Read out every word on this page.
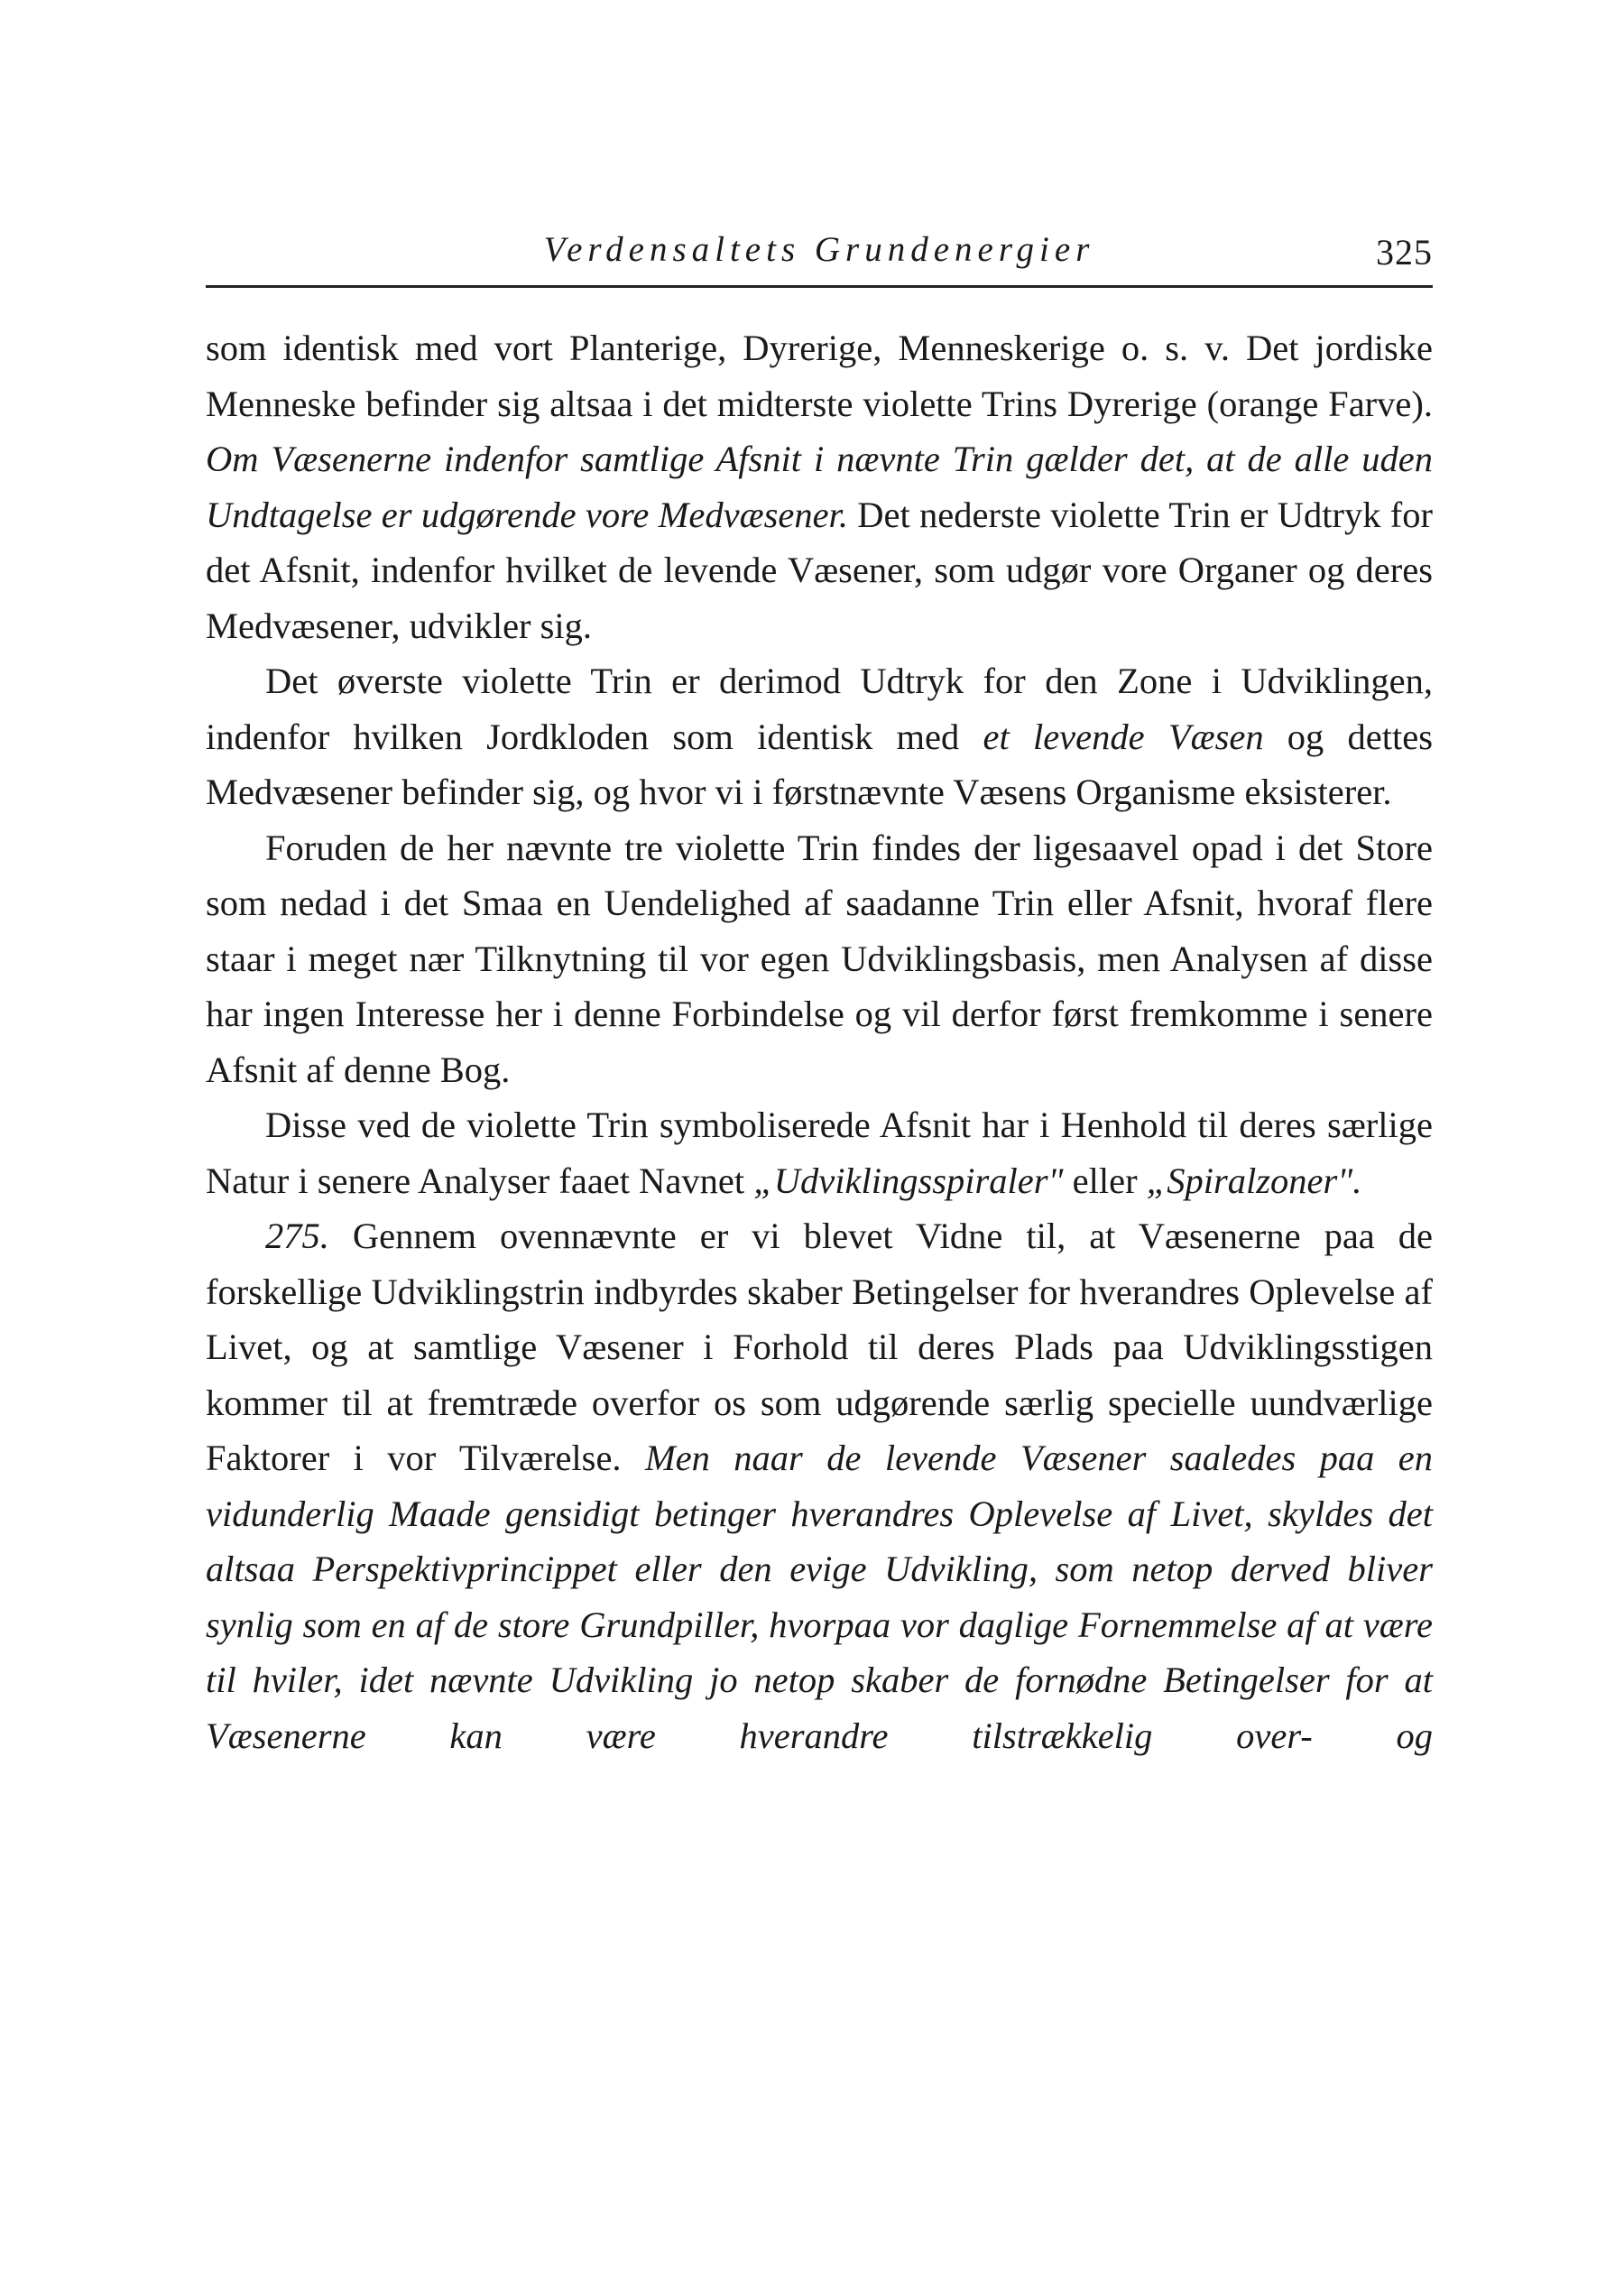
Verdensaltets Grundenergier	325

som identisk med vort Planterige, Dyrerige, Menneskerige o. s. v. Det jordiske Menneske befinder sig altsaa i det midterste violette Trins Dyrerige (orange Farve). Om Væsenerne indenfor samtlige Afsnit i nævnte Trin gælder det, at de alle uden Undtagelse er udgørende vore Medvæsener. Det nederste violette Trin er Udtryk for det Afsnit, indenfor hvilket de levende Væsener, som udgør vore Organer og deres Medvæsener, udvikler sig.

Det øverste violette Trin er derimod Udtryk for den Zone i Udviklingen, indenfor hvilken Jordkloden som identisk med et levende Væsen og dettes Medvæsener befinder sig, og hvor vi i førstnævnte Væsens Organisme eksisterer.

Foruden de her nævnte tre violette Trin findes der ligesaavel opad i det Store som nedad i det Smaa en Uendelighed af saadanne Trin eller Afsnit, hvoraf flere staar i meget nær Tilknytning til vor egen Udviklingsbasis, men Analysen af disse har ingen Interesse her i denne Forbindelse og vil derfor først fremkomme i senere Afsnit af denne Bog.

Disse ved de violette Trin symboliserede Afsnit har i Henhold til deres særlige Natur i senere Analyser faaet Navnet „Udviklingsspiraler" eller „Spiralzoner".

275. Gennem ovennævnte er vi blevet Vidne til, at Væsenerne paa de forskellige Udviklingstrin indbyrdes skaber Betingelser for hverandres Oplevelse af Livet, og at samtlige Væsener i Forhold til deres Plads paa Udviklingsstigen kommer til at fremtræde overfor os som udgørende særlig specielle uundværlige Faktorer i vor Tilværelse. Men naar de levende Væsener saaledes paa en vidunderlig Maade gensidigt betinger hverandres Oplevelse af Livet, skyldes det altsaa Perspektivprincippet eller den evige Udvikling, som netop derved bliver synlig som en af de store Grundpiller, hvorpaa vor daglige Fornemmelse af at være til hviler, idet nævnte Udvikling jo netop skaber de fornødne Betingelser for at Væsenerne kan være hverandre tilstrækkelig over- og
